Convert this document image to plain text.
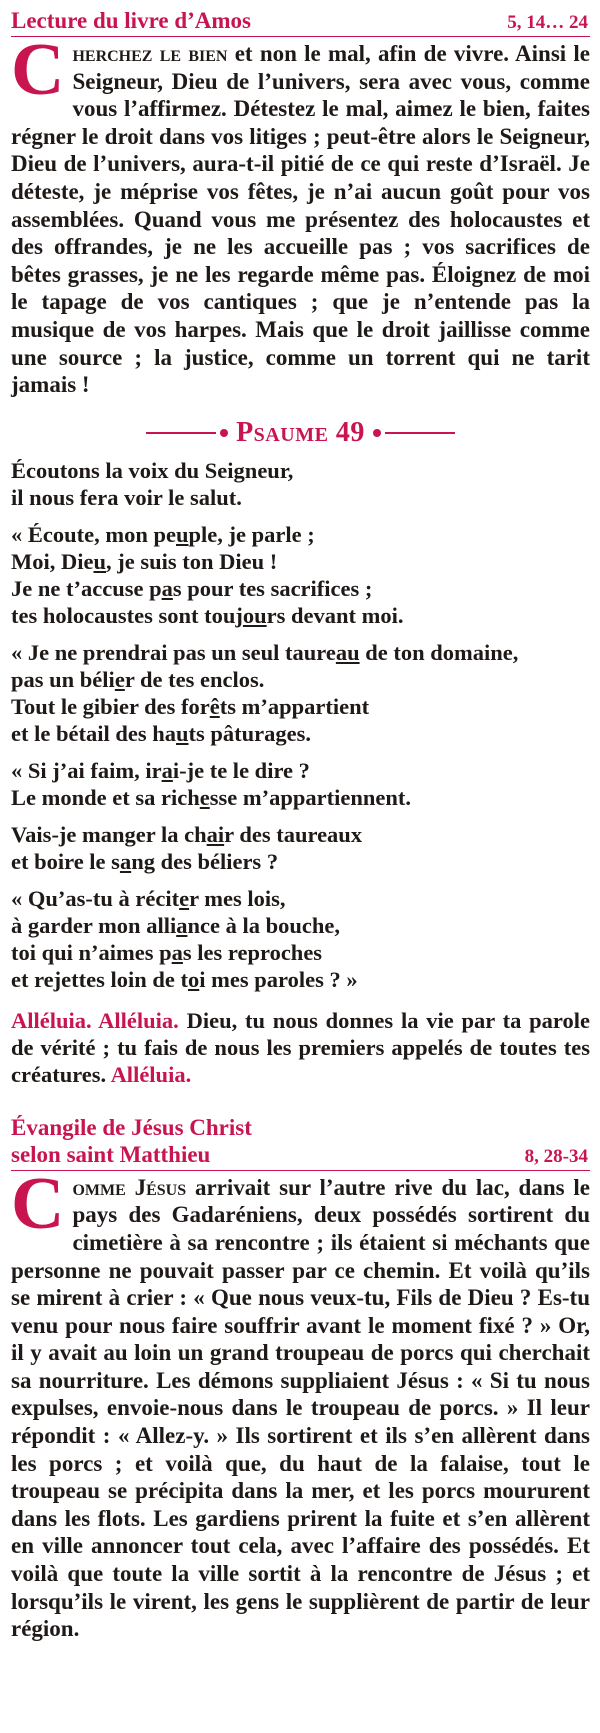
Lecture du livre d’Amos	5, 14… 24

Cherchez le bien et non le mal, afin de vivre. Ainsi le Seigneur, Dieu de l’univers, sera avec vous, comme vous l’affirmez. Détestez le mal, aimez le bien, faites régner le droit dans vos litiges ; peut-être alors le Seigneur, Dieu de l’univers, aura-t-il pitié de ce qui reste d’Israël. Je déteste, je méprise vos fêtes, je n’ai aucun goût pour vos assemblées. Quand vous me présentez des holocaustes et des offrandes, je ne les accueille pas ; vos sacrifices de bêtes grasses, je ne les regarde même pas. Éloignez de moi le tapage de vos cantiques ; que je n’entende pas la musique de vos harpes. Mais que le droit jaillisse comme une source ; la justice, comme un torrent qui ne tarit jamais !

Psaume 49
Écoutons la voix du Seigneur,
il nous fera voir le salut.
« Écoute, mon peuple, je parle ;
Moi, Dieu, je suis ton Dieu !
Je ne t’accuse pas pour tes sacrifices ;
tes holocaustes sont toujours devant moi.
« Je ne prendrai pas un seul taureau de ton domaine,
pas un bélier de tes enclos.
Tout le gibier des forêts m’appartient
et le bétail des hauts pâturages.
« Si j’ai faim, irai-je te le dire ?
Le monde et sa richesse m’appartiennent.
Vais-je manger la chair des taureaux
et boire le sang des béliers ?
« Qu’as-tu à réciter mes lois,
à garder mon alliance à la bouche,
toi qui n’aimes pas les reproches
et rejettes loin de toi mes paroles ? »

Alléluia. Alléluia. Dieu, tu nous donnes la vie par ta parole de vérité ; tu fais de nous les premiers appelés de toutes tes créatures. Alléluia.

Évangile de Jésus Christ
selon saint Matthieu	8, 28-34

Comme Jésus arrivait sur l’autre rive du lac, dans le pays des Gadaréniens, deux possédés sortirent du cimetière à sa rencontre ; ils étaient si méchants que personne ne pouvait passer par ce chemin. Et voilà qu’ils se mirent à crier : « Que nous veux-tu, Fils de Dieu ? Es-tu venu pour nous faire souffrir avant le moment fixé ? » Or, il y avait au loin un grand troupeau de porcs qui cherchait sa nourriture. Les démons suppliaient Jésus : « Si tu nous expulses, envoie-nous dans le troupeau de porcs. » Il leur répondit : « Allez-y. » Ils sortirent et ils s’en allèrent dans les porcs ; et voilà que, du haut de la falaise, tout le troupeau se précipita dans la mer, et les porcs moururent dans les flots. Les gardiens prirent la fuite et s’en allèrent en ville annoncer tout cela, avec l’affaire des possédés. Et voilà que toute la ville sortit à la rencontre de Jésus ; et lorsqu’ils le virent, les gens le supplièrent de partir de leur région.
